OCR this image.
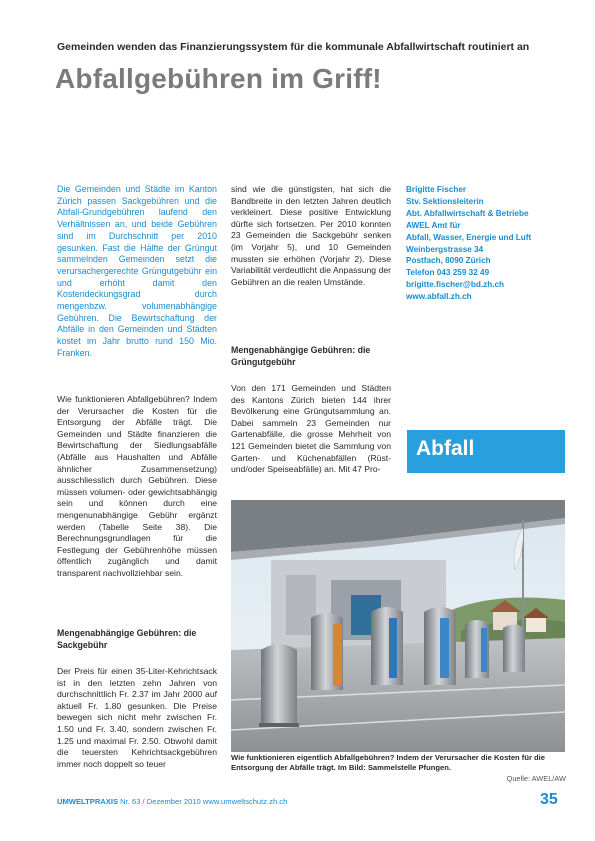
Gemeinden wenden das Finanzierungssystem für die kommunale Abfallwirtschaft routiniert an
Abfallgebühren im Griff!
Die Gemeinden und Städte im Kanton Zürich passen Sackgebühren und die Abfall-Grundgebühren laufend den Verhältnissen an, und beide Gebühren sind im Durchschnitt per 2010 gesunken. Fast die Hälfte der Grüngut sammelnden Gemeinden setzt die verursachergerechte Grüngutgebühr ein und erhöht damit den Kostendeckungsgrad durch mengenbzw. volumenabhängige Gebühren. Die Bewirtschaftung der Abfälle in den Gemeinden und Städten kostet im Jahr brutto rund 150 Mio. Franken.
Wie funktionieren Abfallgebühren? Indem der Verursacher die Kosten für die Entsorgung der Abfälle trägt. Die Gemeinden und Städte finanzieren die Bewirtschaftung der Siedlungsabfälle (Abfälle aus Haushalten und Abfälle ähnlicher Zusammensetzung) ausschliesslich durch Gebühren. Diese müssen volumen- oder gewichtsabhängig sein und können durch eine mengenunabhängige Gebühr ergänzt werden (Tabelle Seite 38). Die Berechnungsgrundlagen für die Festlegung der Gebührenhöhe müssen öffentlich zugänglich und damit transparent nachvollziehbar sein.
Mengenabhängige Gebühren: die Sackgebühr
Der Preis für einen 35-Liter-Kehrichtsack ist in den letzten zehn Jahren von durchschnittlich Fr. 2.37 im Jahr 2000 auf aktuell Fr. 1.80 gesunken. Die Preise bewegen sich nicht mehr zwischen Fr. 1.50 und Fr. 3.40, sondern zwischen Fr. 1.25 und maximal Fr. 2.50. Obwohl damit die teuersten Kehrichtsackgebühren immer noch doppelt so teuer
sind wie die günstigsten, hat sich die Bandbreite in den letzten Jahren deutlich verkleinert. Diese positive Entwicklung dürfte sich fortsetzen. Per 2010 konnten 23 Gemeinden die Sackgebühr senken (im Vorjahr 5), und 10 Gemeinden mussten sie erhöhen (Vorjahr 2). Diese Variabilität verdeutlicht die Anpassung der Gebühren an die realen Umstände.
Mengenabhängige Gebühren: die Grüngutgebühr
Von den 171 Gemeinden und Städten des Kantons Zürich bieten 144 ihrer Bevölkerung eine Grüngutsammlung an. Dabei sammeln 23 Gemeinden nur Gartenabfälle, die grosse Mehrheit von 121 Gemeinden bietet die Sammlung von Garten- und Küchenabfällen (Rüst- und/oder Speiseabfälle) an. Mit 47 Pro-
Brigitte Fischer
Stv. Sektionsleiterin
Abt. Abfallwirtschaft & Betriebe
AWEL Amt für
Abfall, Wasser, Energie und Luft
Weinbergstrasse 34
Postfach, 8090 Zürich
Telefon 043 259 32 49
brigitte.fischer@bd.zh.ch
www.abfall.zh.ch
Abfall
Wie funktionieren eigentlich Abfallgebühren? Indem der Verursacher die Kosten für die Entsorgung der Abfälle trägt. Im Bild: Sammelstelle Pfungen.
Quelle: AWEL/AW
UMWELTPRAXIS Nr. 63 / Dezember 2010 www.umweltschutz.zh.ch	35
